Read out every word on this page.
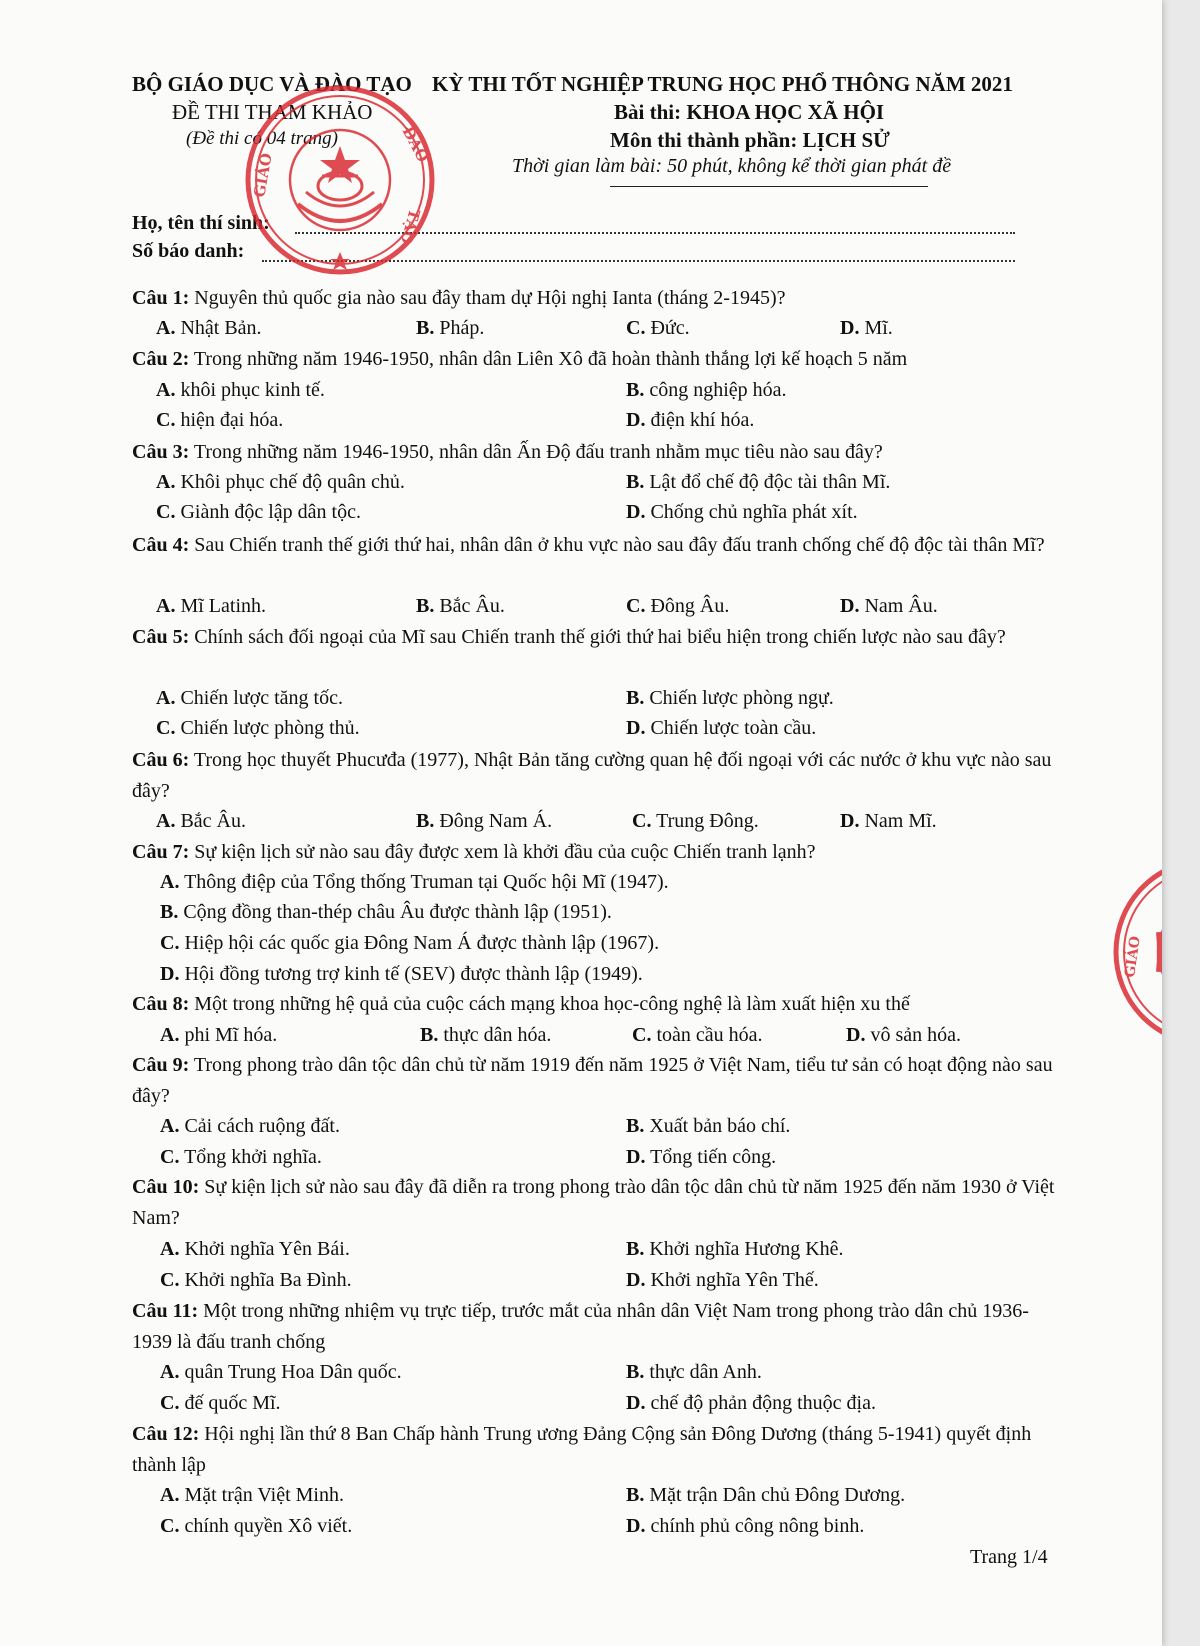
BỘ GIÁO DỤC VÀ ĐÀO TẠO KỲ THI TỐT NGHIỆP TRUNG HỌC PHỔ THÔNG NĂM 2021
ĐỀ THI THAM KHẢO
(Đề thi có 04 trang)
Bài thi: KHOA HỌC XÃ HỘI
Môn thi thành phần: LỊCH SỬ
Thời gian làm bài: 50 phút, không kể thời gian phát đề
Họ, tên thí sinh:
Số báo danh:
Câu 1: Nguyên thủ quốc gia nào sau đây tham dự Hội nghị Ianta (tháng 2-1945)?
A. Nhật Bản.	B. Pháp.	C. Đức.	D. Mĩ.
Câu 2: Trong những năm 1946-1950, nhân dân Liên Xô đã hoàn thành thắng lợi kế hoạch 5 năm
A. khôi phục kinh tế.	B. công nghiệp hóa.
C. hiện đại hóa.	D. điện khí hóa.
Câu 3: Trong những năm 1946-1950, nhân dân Ấn Độ đấu tranh nhằm mục tiêu nào sau đây?
A. Khôi phục chế độ quân chủ.	B. Lật đổ chế độ độc tài thân Mĩ.
C. Giành độc lập dân tộc.	D. Chống chủ nghĩa phát xít.
Câu 4: Sau Chiến tranh thế giới thứ hai, nhân dân ở khu vực nào sau đây đấu tranh chống chế độ độc tài thân Mĩ?
A. Mĩ Latinh.	B. Bắc Âu.	C. Đông Âu.	D. Nam Âu.
Câu 5: Chính sách đối ngoại của Mĩ sau Chiến tranh thế giới thứ hai biểu hiện trong chiến lược nào sau đây?
A. Chiến lược tăng tốc.	B. Chiến lược phòng ngự.
C. Chiến lược phòng thủ.	D. Chiến lược toàn cầu.
Câu 6: Trong học thuyết Phucưđa (1977), Nhật Bản tăng cường quan hệ đối ngoại với các nước ở khu vực nào sau đây?
A. Bắc Âu.	B. Đông Nam Á.	C. Trung Đông.	D. Nam Mĩ.
Câu 7: Sự kiện lịch sử nào sau đây được xem là khởi đầu của cuộc Chiến tranh lạnh?
A. Thông điệp của Tổng thống Truman tại Quốc hội Mĩ (1947).
B. Cộng đồng than-thép châu Âu được thành lập (1951).
C. Hiệp hội các quốc gia Đông Nam Á được thành lập (1967).
D. Hội đồng tương trợ kinh tế (SEV) được thành lập (1949).
Câu 8: Một trong những hệ quả của cuộc cách mạng khoa học-công nghệ là làm xuất hiện xu thế
A. phi Mĩ hóa.	B. thực dân hóa.	C. toàn cầu hóa.	D. vô sản hóa.
Câu 9: Trong phong trào dân tộc dân chủ từ năm 1919 đến năm 1925 ở Việt Nam, tiểu tư sản có hoạt động nào sau đây?
A. Cải cách ruộng đất.	B. Xuất bản báo chí.
C. Tổng khởi nghĩa.	D. Tổng tiến công.
Câu 10: Sự kiện lịch sử nào sau đây đã diễn ra trong phong trào dân tộc dân chủ từ năm 1925 đến năm 1930 ở Việt Nam?
A. Khởi nghĩa Yên Bái.	B. Khởi nghĩa Hương Khê.
C. Khởi nghĩa Ba Đình.	D. Khởi nghĩa Yên Thế.
Câu 11: Một trong những nhiệm vụ trực tiếp, trước mắt của nhân dân Việt Nam trong phong trào dân chủ 1936-1939 là đấu tranh chống
A. quân Trung Hoa Dân quốc.	B. thực dân Anh.
C. đế quốc Mĩ.	D. chế độ phản động thuộc địa.
Câu 12: Hội nghị lần thứ 8 Ban Chấp hành Trung ương Đảng Cộng sản Đông Dương (tháng 5-1941) quyết định thành lập
A. Mặt trận Việt Minh.	B. Mặt trận Dân chủ Đông Dương.
C. chính quyền Xô viết.	D. chính phủ công nông binh.
Trang 1/4
GIÁO
ĐÀO
TẠO
GIÁO
